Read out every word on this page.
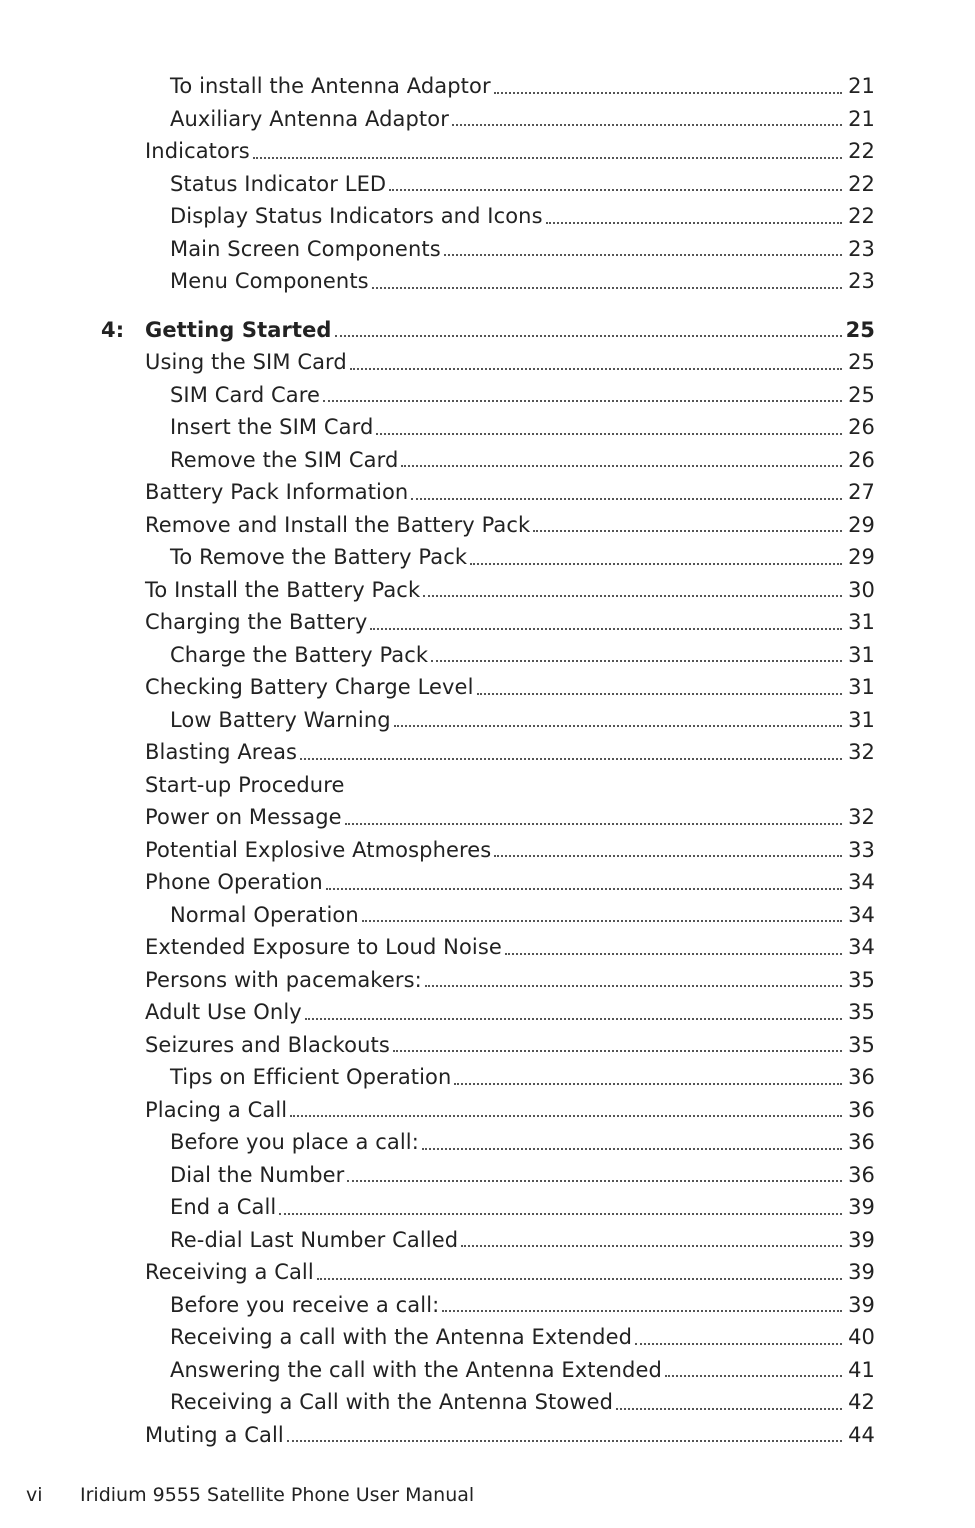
To install the Antenna Adaptor	21
Auxiliary Antenna Adaptor	21
Indicators	22
Status Indicator LED	22
Display Status Indicators and Icons	22
Main Screen Components	23
Menu Components	23
4: Getting Started	25
Using the SIM Card	25
SIM Card Care	25
Insert the SIM Card	26
Remove the SIM Card	26
Battery Pack Information	27
Remove and Install the Battery Pack	29
To Remove the Battery Pack	29
To Install the Battery Pack	30
Charging the Battery	31
Charge the Battery Pack	31
Checking Battery Charge Level	31
Low Battery Warning	31
Blasting Areas	32
Start-up Procedure
Power on Message	32
Potential Explosive Atmospheres	33
Phone Operation	34
Normal Operation	34
Extended Exposure to Loud Noise	34
Persons with pacemakers:	35
Adult Use Only	35
Seizures and Blackouts	35
Tips on Efficient Operation	36
Placing a Call	36
Before you place a call:	36
Dial the Number	36
End a Call	39
Re-dial Last Number Called	39
Receiving a Call	39
Before you receive a call:	39
Receiving a call with the Antenna Extended	40
Answering the call with the Antenna Extended	41
Receiving a Call with the Antenna Stowed	42
Muting a Call	44
vi Iridium 9555 Satellite Phone User Manual
